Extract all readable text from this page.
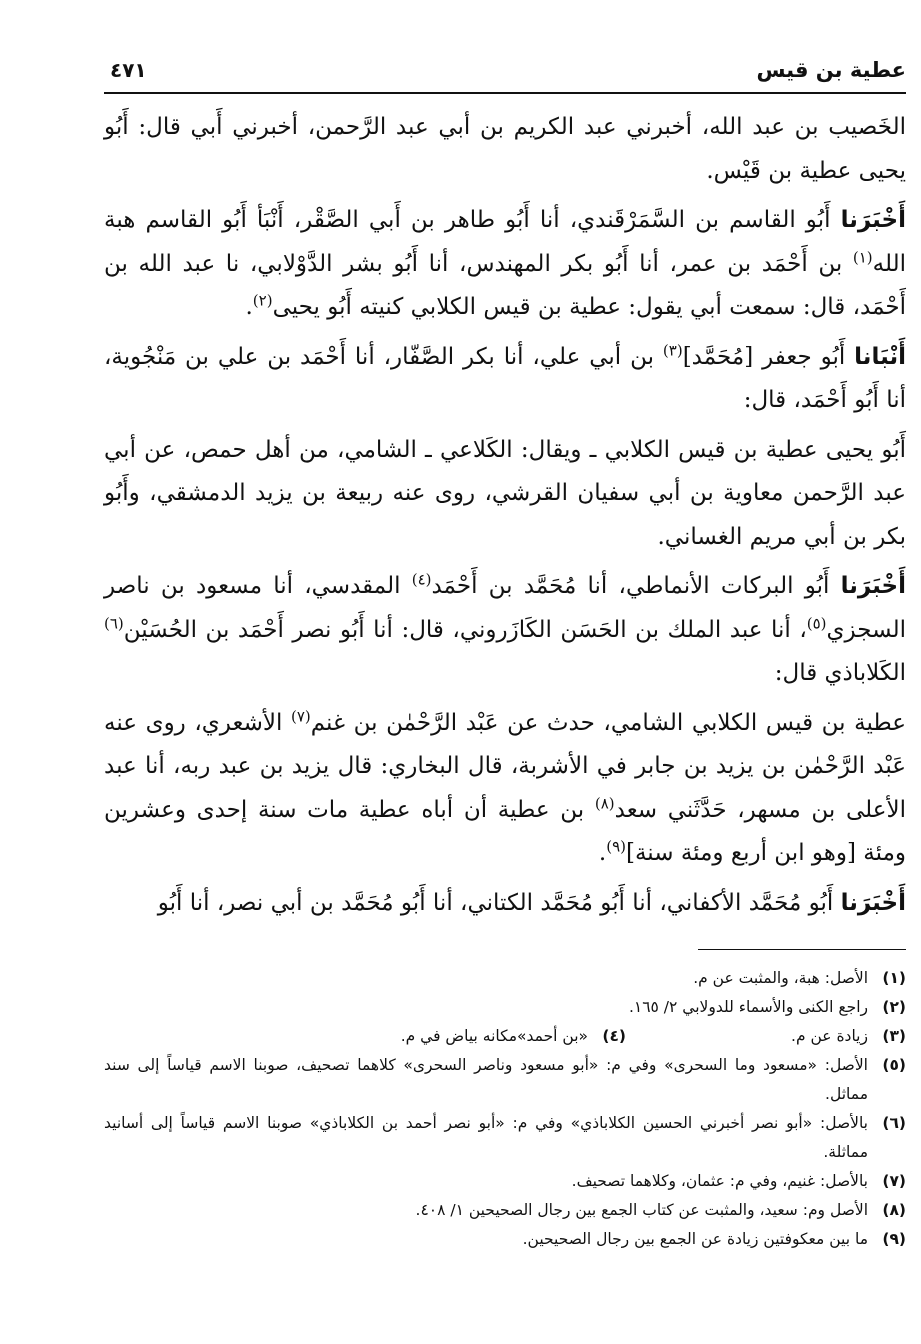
عطية بن قيس
٤٧١

الخَصيب بن عبد الله، أخبرني عبد الكريم بن أبي عبد الرَّحمن، أخبرني أَبي قال: أَبُو يحيى عطية بن قَيْس.

أَخْبَرَنا أَبُو القاسم بن السَّمَرْقَندي، أنا أَبُو طاهر بن أَبي الصَّقْر، أَنْبَأ أَبُو القاسم هبة الله$^{(١)}$ بن أَحْمَد بن عمر، أنا أَبُو بكر المهندس، أنا أَبُو بشر الدَّوْلابي، نا عبد الله بن أَحْمَد، قال: سمعت أبي يقول: عطية بن قيس الكلابي كنيته أَبُو يحيى$^{(٢)}$.

أَنْبَانا أَبُو جعفر [مُحَمَّد]$^{(٣)}$ بن أبي علي، أنا بكر الصَّفّار، أنا أَحْمَد بن علي بن مَنْجُوية، أنا أَبُو أَحْمَد، قال:

أَبُو يحيى عطية بن قيس الكلابي ـ ويقال: الكَلاعي ـ الشامي، من أهل حمص، عن أبي عبد الرَّحمن معاوية بن أبي سفيان القرشي، روى عنه ربيعة بن يزيد الدمشقي، وأَبُو بكر بن أبي مريم الغساني.

أَخْبَرَنا أَبُو البركات الأنماطي، أنا مُحَمَّد بن أَحْمَد$^{(٤)}$ المقدسي، أنا مسعود بن ناصر السجزي$^{(٥)}$، أنا عبد الملك بن الحَسَن الكَازَروني، قال: أنا أَبُو نصر أَحْمَد بن الحُسَيْن$^{(٦)}$ الكَلاباذي قال:

عطية بن قيس الكلابي الشامي، حدث عن عَبْد الرَّحْمٰن بن غنم$^{(٧)}$ الأشعري، روى عنه عَبْد الرَّحْمٰن بن يزيد بن جابر في الأشربة، قال البخاري: قال يزيد بن عبد ربه، أنا عبد الأعلى بن مسهر، حَدَّثَني سعد$^{(٨)}$ بن عطية أن أباه عطية مات سنة إحدى وعشرين ومئة [وهو ابن أربع ومئة سنة]$^{(٩)}$.

أَخْبَرَنا أَبُو مُحَمَّد الأكفاني، أنا أَبُو مُحَمَّد الكتاني، أنا أَبُو مُحَمَّد بن أبي نصر، أنا أَبُو

(١)
الأصل: هبة، والمثبت عن م.
(٢)
راجع الكنى والأسماء للدولابي ٢/ ١٦٥.
(٣)
زيادة عن م.
(٤)
«بن أحمد»مكانه بياض في م.
(٥)
الأصل: «مسعود وما السحرى» وفي م: «أبو مسعود وناصر السحرى» كلاهما تصحيف، صوبنا الاسم قياساً إلى سند مماثل.
(٦)
بالأصل: «أبو نصر أخبرني الحسين الكلاباذي» وفي م: «أبو نصر أحمد بن الكلاباذي» صوبنا الاسم قياساً إلى أسانيد مماثلة.
(٧)
بالأصل: غنيم، وفي م: عثمان، وكلاهما تصحيف.
(٨)
الأصل وم: سعيد، والمثبت عن كتاب الجمع بين رجال الصحيحين ١/ ٤٠٨.
(٩)
ما بين معكوفتين زيادة عن الجمع بين رجال الصحيحين.
